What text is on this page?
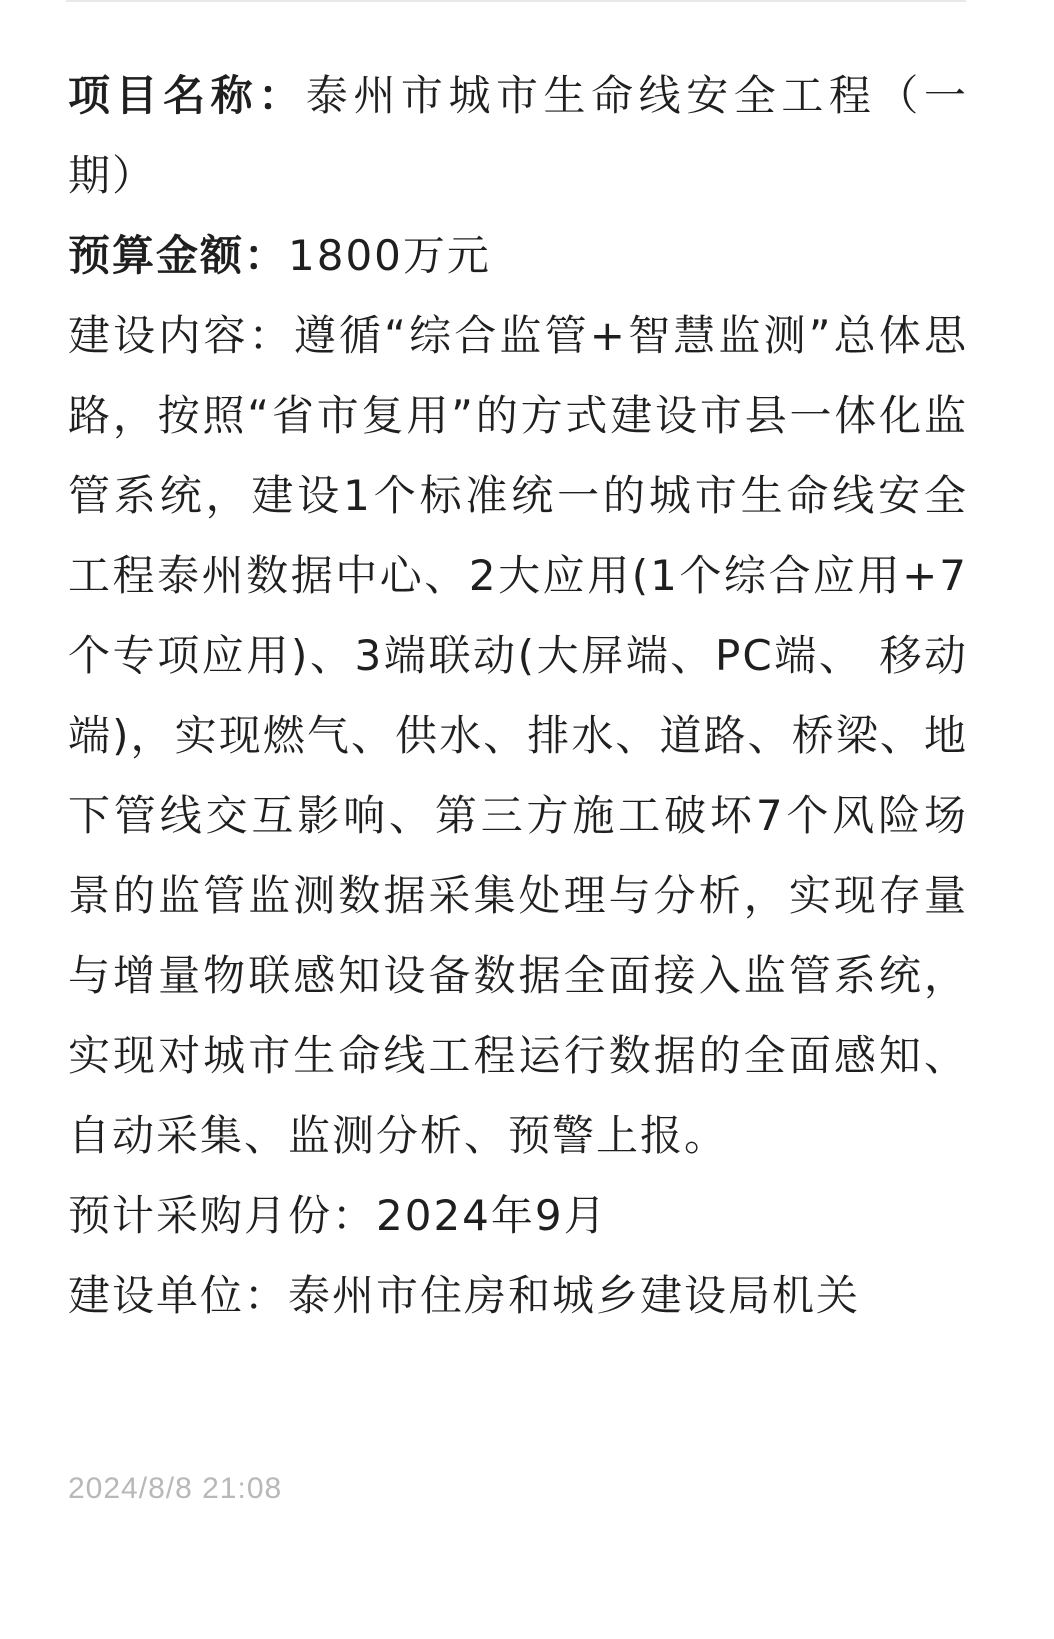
项目名称：泰州市城市生命线安全工程（一期）

预算金额：1800万元

建设内容：遵循“综合监管+智慧监测”总体思路，按照“省市复用”的方式建设市县一体化监管系统，建设1个标准统一的城市生命线安全工程泰州数据中心、2大应用(1个综合应用+7个专项应用)、3端联动(大屏端、PC端、 移动端)，实现燃气、供水、排水、道路、桥梁、地下管线交互影响、第三方施工破坏7个风险场景的监管监测数据采集处理与分析，实现存量与增量物联感知设备数据全面接入监管系统，实现对城市生命线工程运行数据的全面感知、自动采集、监测分析、预警上报。

预计采购月份：2024年9月

建设单位：泰州市住房和城乡建设局机关

2024/8/8 21:08
